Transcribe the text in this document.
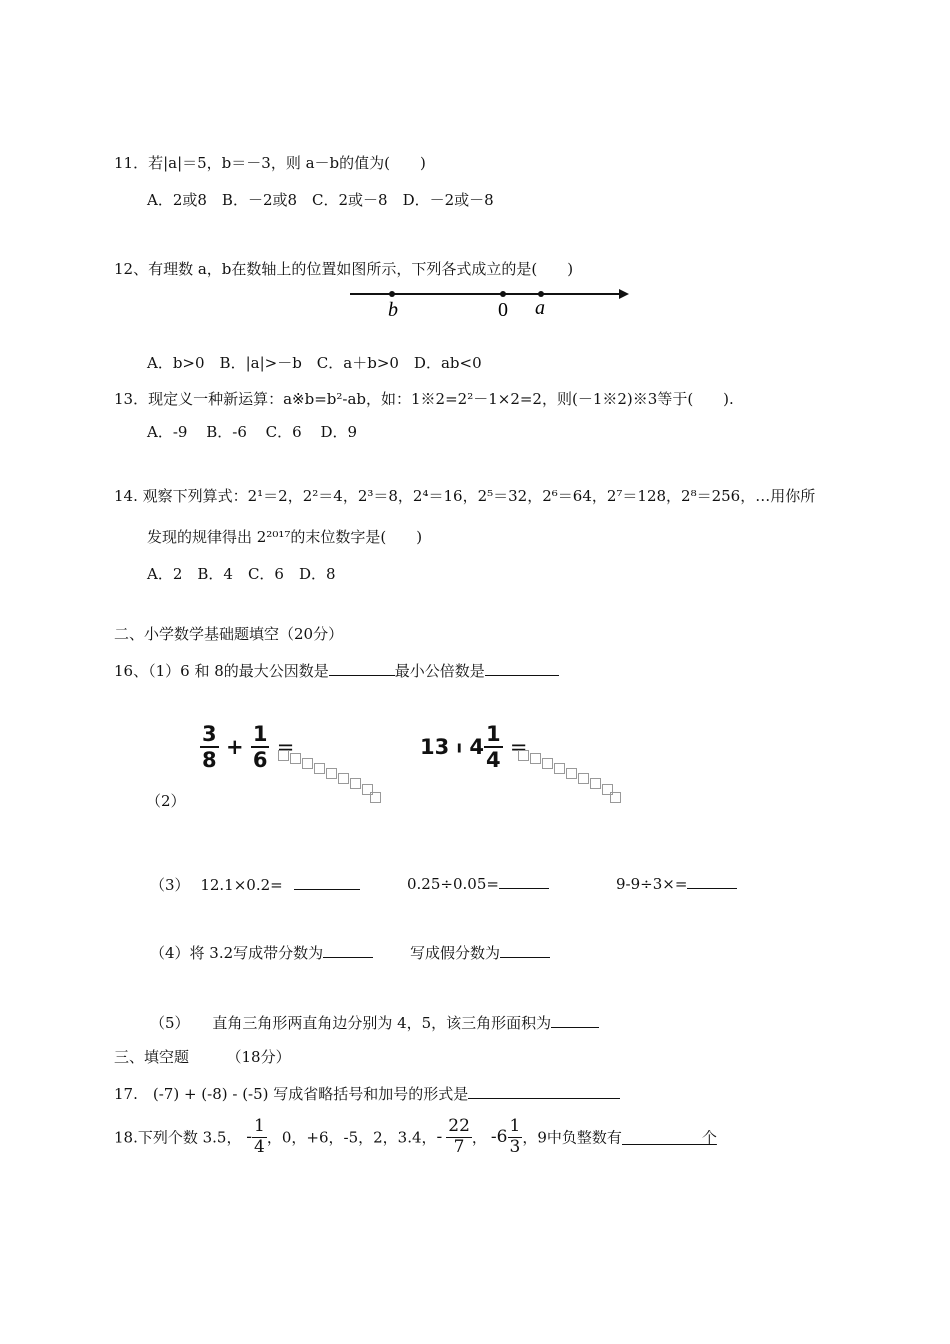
11．若|a|＝5，b＝－3，则 a－b的值为(　　)
A．2或8　B．－2或8　C．2或－8　D．－2或－8
12、有理数 a，b在数轴上的位置如图所示，下列各式成立的是(　　)
b	0 a
A．b>0　B．|a|>－b　C．a＋b>0　D．ab<0
13．现定义一种新运算：a※b=b²-ab，如：1※2=2²－1×2=2，则(－1※2)※3等于(　　).
A．-9 B．-6 C．6 D．9
14. 观察下列算式：2¹＝2，2²＝4，2³＝8，2⁴＝16，2⁵＝32，2⁶＝64，2⁷＝128，2⁸＝256，…用你所
发现的规律得出 2²⁰¹⁷的末位数字是(　　)
A．2　B．4　C．6　D．8
二、小学数学基础题填空（20分）
16、（1）6 和 8的最大公因数是	最小公倍数是
$\frac{3}{8} + \frac{1}{6}$ =	13 ı $4 \frac{1}{4}$ =
（2）
（3） 12.1×0.2=	0.25÷0.05=	9-9÷3×=
（4）将 3.2写成带分数为	写成假分数为
（5） 直角三角形两直角边分别为 4，5，该三角形面积为
三、填空题　　　（18分）
17.　(-7) + (-8) - (-5) 写成省略括号和加号的形式是
18.下列个数 3.5， - $\frac{1}{4}$ ，0，+6，-5，2，3.4，- $\frac{22}{7}$ ， $-6 \frac{1}{3}$ ，9中负整数有	个
